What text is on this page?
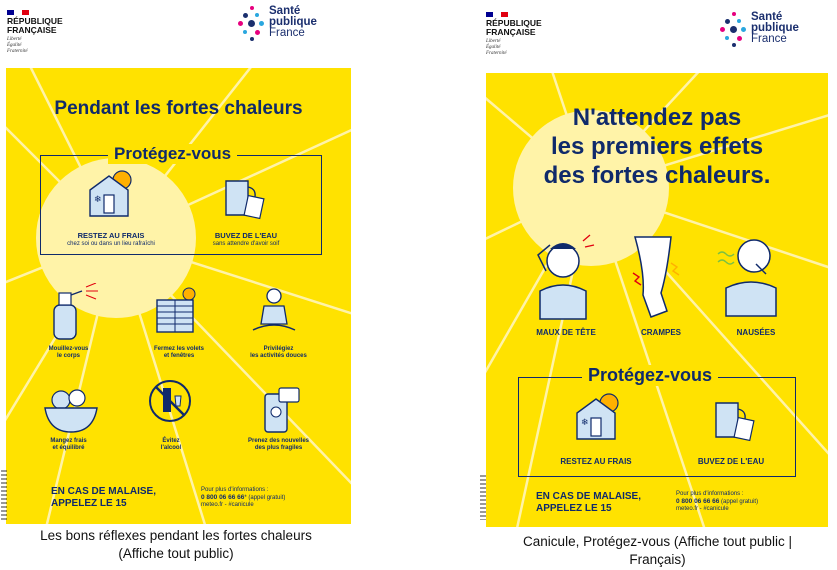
RÉPUBLIQUE
FRANÇAISE
Liberté
Égalité
Fraternité
Santé
publique
France
Pendant les fortes chaleurs
Protégez-vous
❄
RESTEZ AU FRAIS
chez soi ou dans un lieu rafraîchi
BUVEZ DE L'EAU
sans attendre d'avoir soif
Mouillez-vous
le corps
Fermez les volets
et fenêtres
Privilégiez
les activités douces
Mangez frais
et équilibré
Évitez
l'alcool
Prenez des nouvelles
des plus fragiles
EN CAS DE MALAISE,
APPELEZ LE 15
Pour plus d'informations :
0 800 06 66 66* (appel gratuit)
meteo.fr - #canicule
Les bons réflexes pendant les fortes chaleurs
(Affiche tout public)
RÉPUBLIQUE
FRANÇAISE
Liberté
Égalité
Fraternité
Santé
publique
France
N'attendez pas
les premiers effets
des fortes chaleurs.
MAUX DE TÊTE	CRAMPES	NAUSÉES
Protégez-vous
❄
RESTEZ AU FRAIS	BUVEZ DE L'EAU
EN CAS DE MALAISE,
APPELEZ LE 15
Pour plus d'informations :
0 800 06 66 66 (appel gratuit)
meteo.fr - #canicule
Canicule, Protégez-vous (Affiche tout public |
Français)
